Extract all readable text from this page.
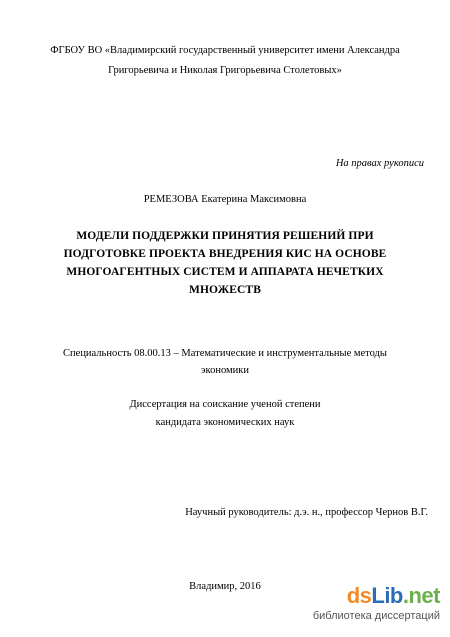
ФГБОУ ВО «Владимирский государственный университет имени Александра
Григорьевича и Николая Григорьевича Столетовых»
На правах рукописи
РЕМЕЗОВА Екатерина Максимовна
МОДЕЛИ ПОДДЕРЖКИ ПРИНЯТИЯ РЕШЕНИЙ ПРИ
ПОДГОТОВКЕ ПРОЕКТА ВНЕДРЕНИЯ КИС НА ОСНОВЕ
МНОГОАГЕНТНЫХ СИСТЕМ И АППАРАТА НЕЧЕТКИХ
МНОЖЕСТВ
Специальность 08.00.13 – Математические и инструментальные методы
экономики
Диссертация на соискание ученой степени
кандидата экономических наук
Научный руководитель: д.э. н., профессор Чернов В.Г.
Владимир, 2016	dsLib.net
библиотека диссертаций
